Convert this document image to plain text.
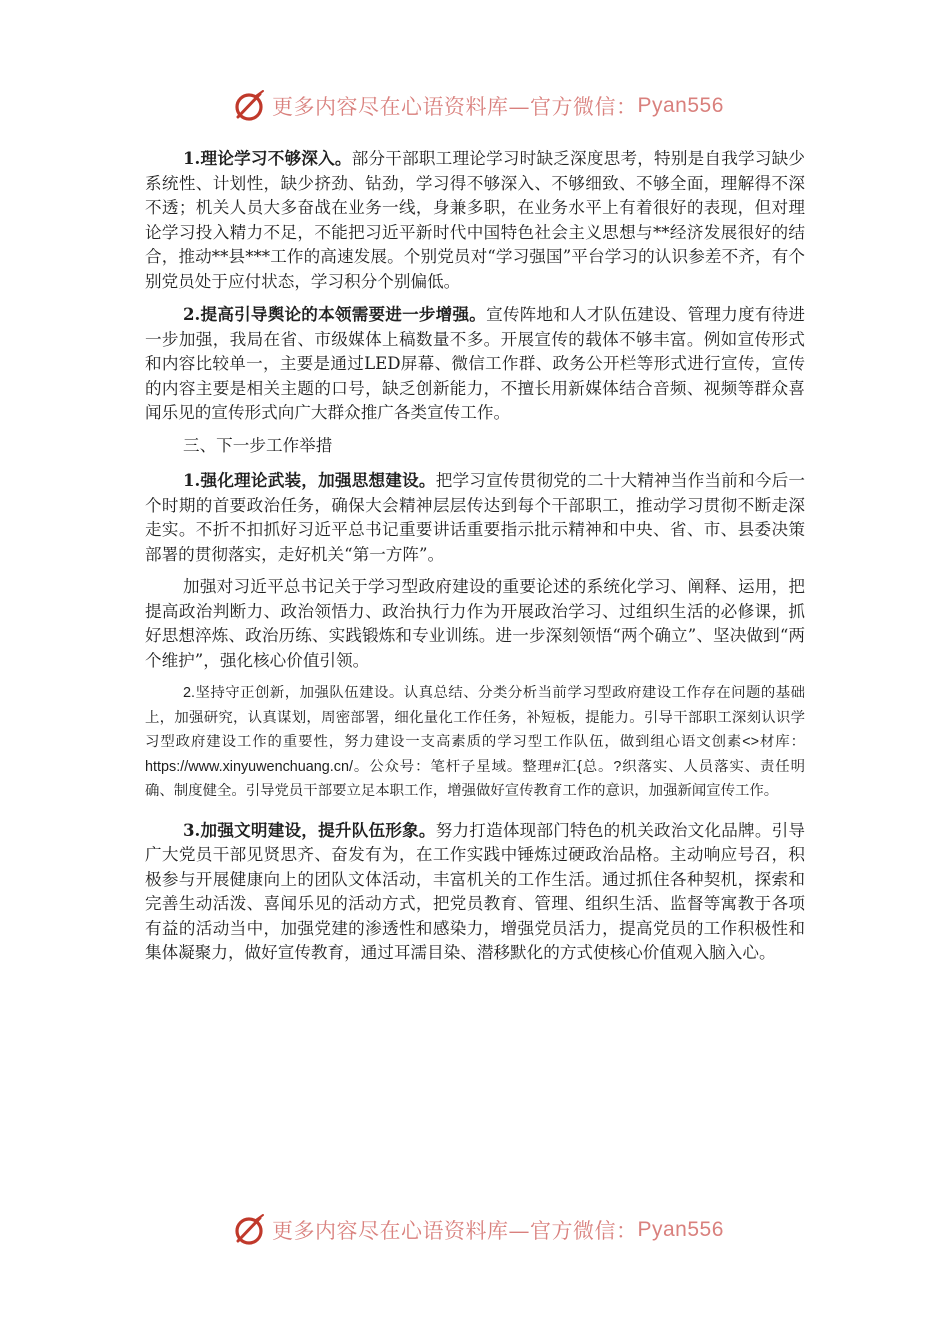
更多内容尽在心语资料库—官方微信： Pyan556

1.理论学习不够深入。部分干部职工理论学习时缺乏深度思考，特别是自我学习缺少系统性、计划性，缺少挤劲、钻劲，学习得不够深入、不够细致、不够全面，理解得不深不透；机关人员大多奋战在业务一线，身兼多职，在业务水平上有着很好的表现，但对理论学习投入精力不足，不能把习近平新时代中国特色社会主义思想与**经济发展很好的结合，推动**县***工作的高速发展。个别党员对“学习强国”平台学习的认识参差不齐，有个别党员处于应付状态，学习积分个别偏低。

2.提高引导舆论的本领需要进一步增强。宣传阵地和人才队伍建设、管理力度有待进一步加强，我局在省、市级媒体上稿数量不多。开展宣传的载体不够丰富。例如宣传形式和内容比较单一，主要是通过LED屏幕、微信工作群、政务公开栏等形式进行宣传，宣传的内容主要是相关主题的口号，缺乏创新能力，不擅长用新媒体结合音频、视频等群众喜闻乐见的宣传形式向广大群众推广各类宣传工作。

三、下一步工作举措

1.强化理论武装，加强思想建设。把学习宣传贯彻党的二十大精神当作当前和今后一个时期的首要政治任务，确保大会精神层层传达到每个干部职工，推动学习贯彻不断走深走实。不折不扣抓好习近平总书记重要讲话重要指示批示精神和中央、省、市、县委决策部署的贯彻落实，走好机关“第一方阵”。

加强对习近平总书记关于学习型政府建设的重要论述的系统化学习、阐释、运用，把提高政治判断力、政治领悟力、政治执行力作为开展政治学习、过组织生活的必修课，抓好思想淬炼、政治历练、实践锻炼和专业训练。进一步深刻领悟“两个确立”、坚决做到“两个维护”，强化核心价值引领。

2.坚持守正创新，加强队伍建设。认真总结、分类分析当前学习型政府建设工作存在问题的基础上，加强研究，认真谋划，周密部署，细化量化工作任务，补短板，提能力。引导干部职工深刻认识学习型政府建设工作的重要性，努力建设一支高素质的学习型工作队伍，做到组心语文创素<>材库：https://www.xinyuwenchuang.cn/。公众号：笔杆子星域。整理#汇{总。?织落实、人员落实、责任明确、制度健全。引导党员干部要立足本职工作，增强做好宣传教育工作的意识，加强新闻宣传工作。

3.加强文明建设，提升队伍形象。努力打造体现部门特色的机关政治文化品牌。引导广大党员干部见贤思齐、奋发有为，在工作实践中锤炼过硬政治品格。主动响应号召，积极参与开展健康向上的团队文体活动，丰富机关的工作生活。通过抓住各种契机，探索和完善生动活泼、喜闻乐见的活动方式，把党员教育、管理、组织生活、监督等寓教于各项有益的活动当中，加强党建的渗透性和感染力，增强党员活力，提高党员的工作积极性和集体凝聚力，做好宣传教育，通过耳濡目染、潜移默化的方式使核心价值观入脑入心。

更多内容尽在心语资料库—官方微信： Pyan556
